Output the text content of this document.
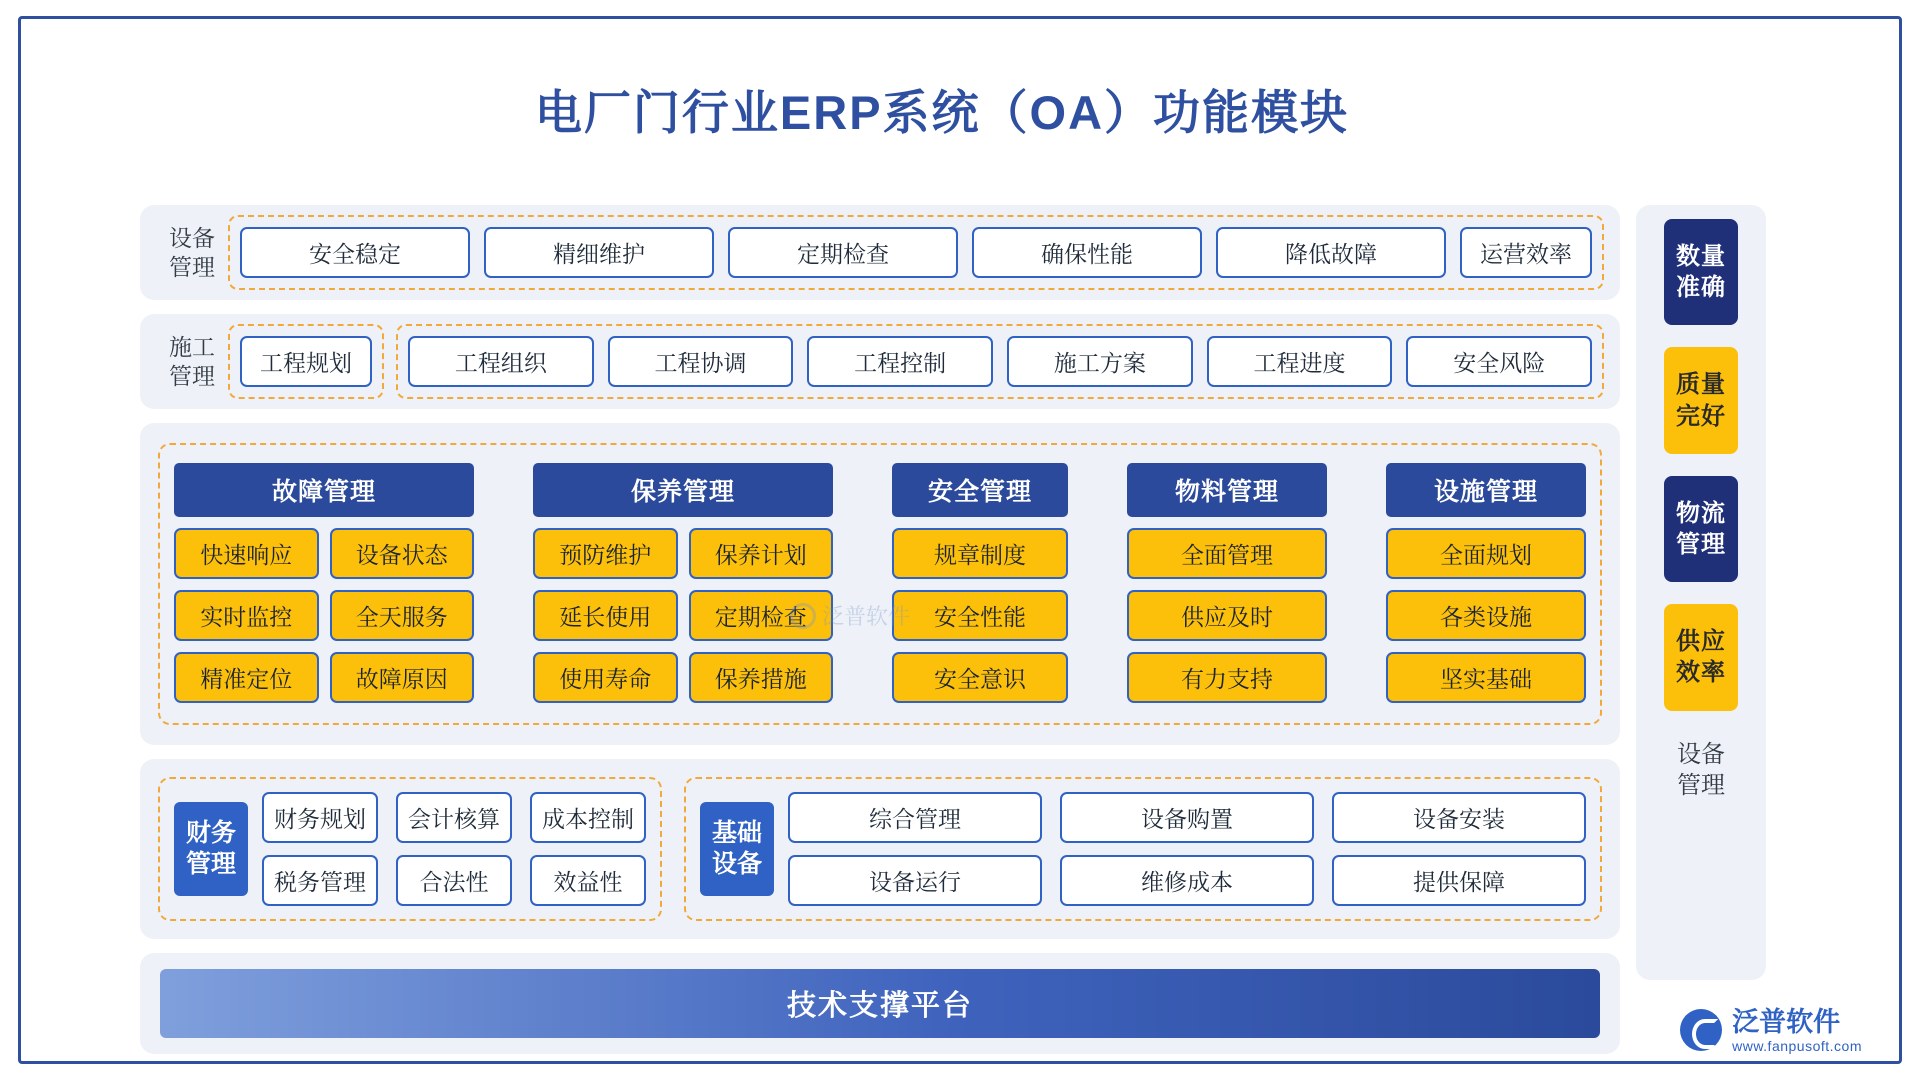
电厂门行业ERP系统（OA）功能模块
设备
管理	安全稳定	精细维护	定期检查	确保性能	降低故障	运营效率
施工
管理	工程规划	工程组织	工程协调	工程控制	施工方案	工程进度	安全风险
故障管理
快速响应	设备状态
实时监控	全天服务
精准定位	故障原因
保养管理
预防维护	保养计划
延长使用	定期检查
使用寿命	保养措施
安全管理
规章制度
安全性能
安全意识
物料管理
全面管理
供应及时
有力支持
设施管理
全面规划
各类设施
坚实基础
财务
管理
财务规划	会计核算	成本控制
税务管理	合法性	效益性
基础
设备
综合管理	设备购置	设备安装
设备运行	维修成本	提供保障
技术支撑平台
数量
准确
质量
完好
物流
管理
供应
效率
设备
管理
泛普软件
泛普软件
www.fanpusoft.com
